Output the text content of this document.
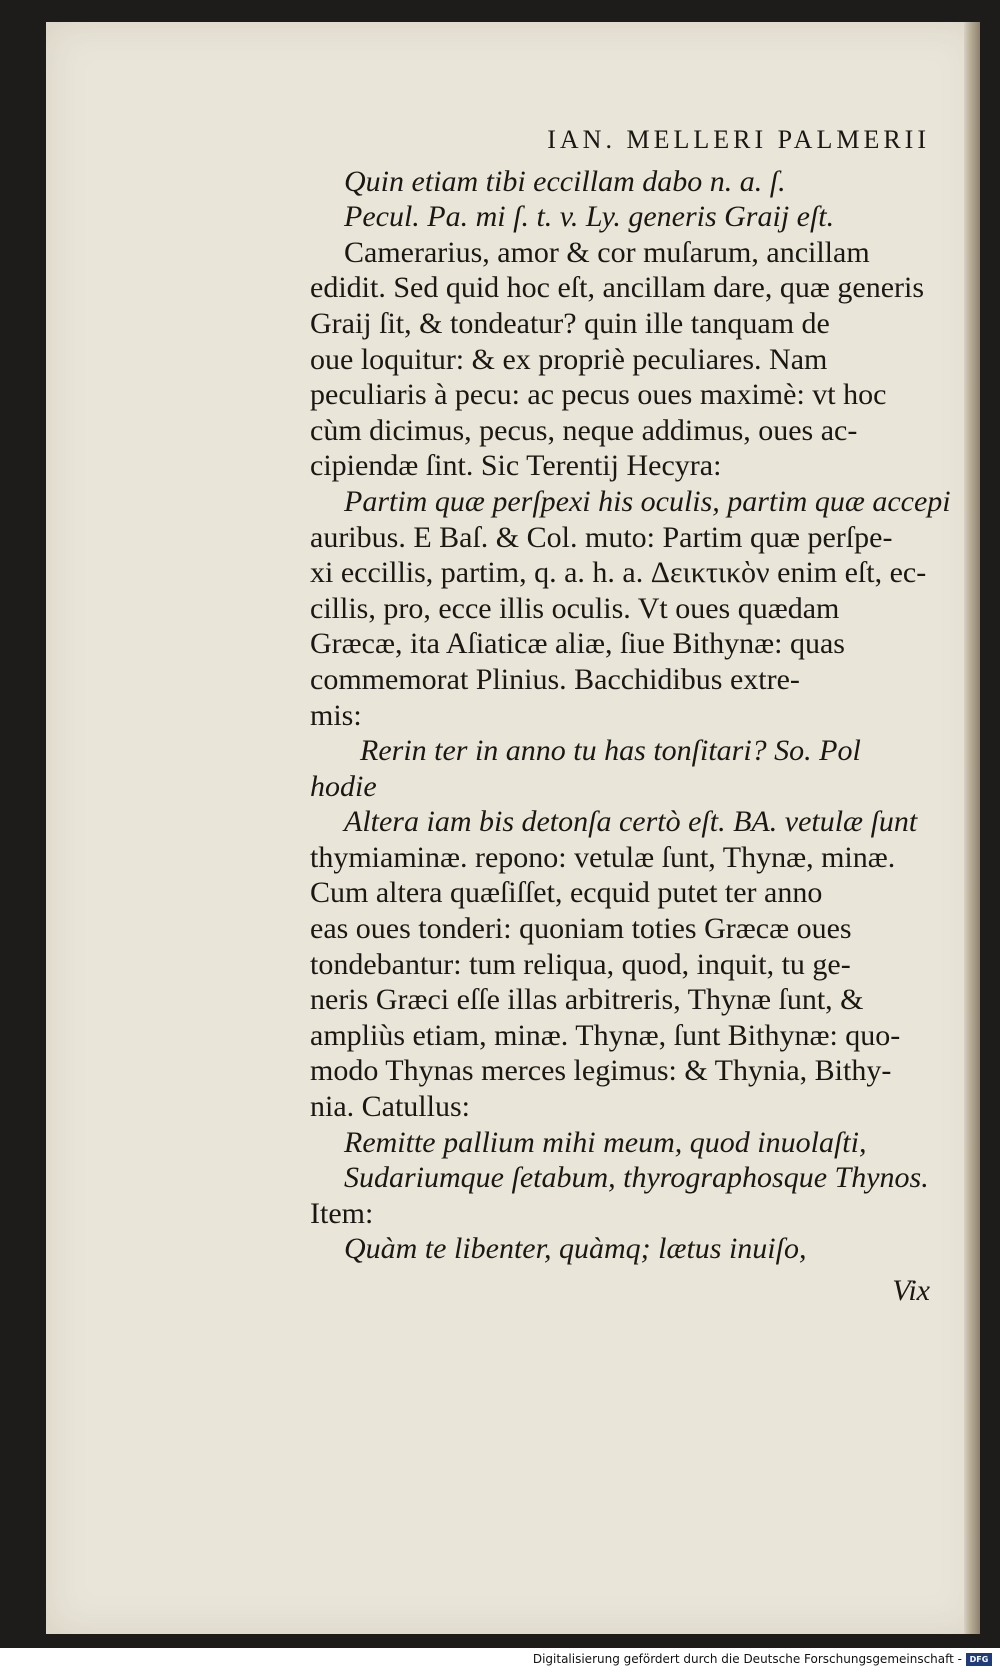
IAN. MELLERI PALMERII
Quin etiam tibi eccillam dabo n. a. ſ.
Pecul. Pa. mi ſ. t. v. Ly. generis Graij eſt.
Camerarius, amor & cor muſarum, ancillam
edidit. Sed quid hoc eſt, ancillam dare, quæ generis
Graij ſit, & tondeatur? quin ille tanquam de
oue loquitur: & ex propriè peculiares. Nam
peculiaris à pecu: ac pecus oues maximè: vt hoc
cùm dicimus, pecus, neque addimus, oues ac-
cipiendæ ſint. Sic Terentij Hecyra:
Partim quæ perſpexi his oculis, partim quæ accepi
auribus. E Baſ. & Col. muto: Partim quæ perſpe-
xi eccillis, partim, q. a. h. a. Δεικτικὸν enim eſt, ec-
cillis, pro, ecce illis oculis. Vt oues quædam
Græcæ, ita Aſiaticæ aliæ, ſiue Bithynæ: quas
commemorat Plinius. Bacchidibus extre-
mis:
Rerin ter in anno tu has tonſitari? So. Pol
hodie
Altera iam bis detonſa certò eſt. BA. vetulæ ſunt
thymiaminæ. repono: vetulæ ſunt, Thynæ, minæ.
Cum altera quæſiſſet, ecquid putet ter anno
eas oues tonderi: quoniam toties Græcæ oues
tondebantur: tum reliqua, quod, inquit, tu ge-
neris Græci eſſe illas arbitreris, Thynæ ſunt, &
ampliùs etiam, minæ. Thynæ, ſunt Bithynæ: quo-
modo Thynas merces legimus: & Thynia, Bithy-
nia. Catullus:
Remitte pallium mihi meum, quod inuolaſti,
Sudariumque ſetabum, thyrographosque Thynos.
Item:
Quàm te libenter, quàmq; lætus inuiſo,
Vix
Digitalisierung gefördert durch die Deutsche Forschungsgemeinschaft - DFG
